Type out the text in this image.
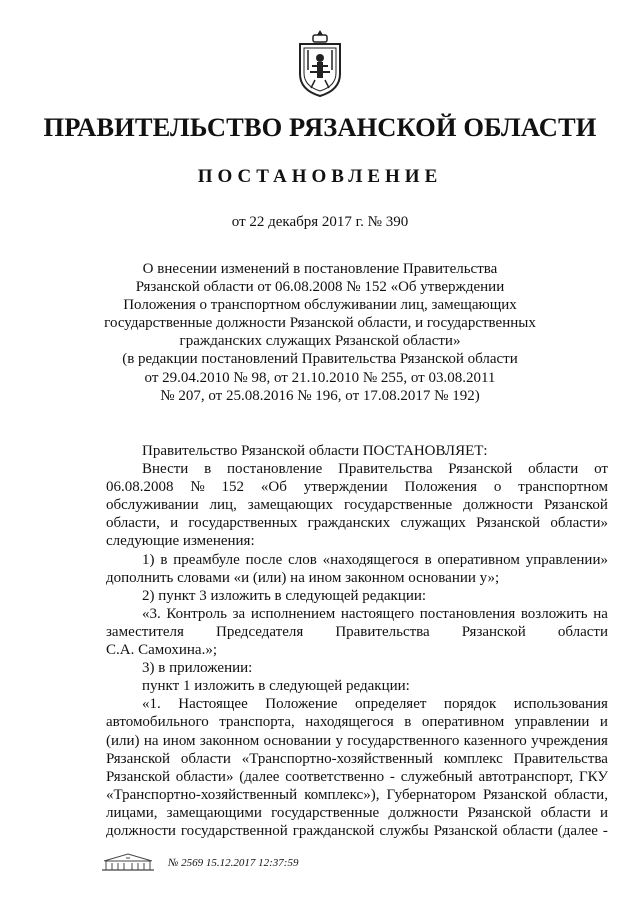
ПРАВИТЕЛЬСТВО РЯЗАНСКОЙ ОБЛАСТИ
ПОСТАНОВЛЕНИЕ
от 22 декабря 2017 г. № 390
О внесении изменений в постановление Правительства
Рязанской области от 06.08.2008 № 152 «Об утверждении
Положения о транспортном обслуживании лиц, замещающих
государственные должности Рязанской области, и государственных
гражданских служащих Рязанской области»
(в редакции постановлений Правительства Рязанской области
от 29.04.2010 № 98, от 21.10.2010 № 255, от 03.08.2011
№ 207, от 25.08.2016 № 196, от 17.08.2017 № 192)
Правительство Рязанской области ПОСТАНОВЛЯЕТ:
Внести в постановление Правительства Рязанской области от
06.08.2008 № 152 «Об утверждении Положения о транспортном
обслуживании лиц, замещающих государственные должности Рязанской
области, и государственных гражданских служащих Рязанской области»
следующие изменения:
1) в преамбуле после слов «находящегося в оперативном управлении»
дополнить словами «и (или) на ином законном основании у»;
2) пункт 3 изложить в следующей редакции:
«3. Контроль за исполнением настоящего постановления возложить на
заместителя Председателя Правительства Рязанской области
С.А. Самохина.»;
3) в приложении:
пункт 1 изложить в следующей редакции:
«1. Настоящее Положение определяет порядок использования
автомобильного транспорта, находящегося в оперативном управлении и
(или) на ином законном основании у государственного казенного учреждения
Рязанской области «Транспортно-хозяйственный комплекс Правительства
Рязанской области» (далее соответственно - служебный автотранспорт, ГКУ
«Транспортно-хозяйственный комплекс»), Губернатором Рязанской области,
лицами, замещающими государственные должности Рязанской области и
должности государственной гражданской службы Рязанской области (далее -
№ 2569 15.12.2017 12:37:59
